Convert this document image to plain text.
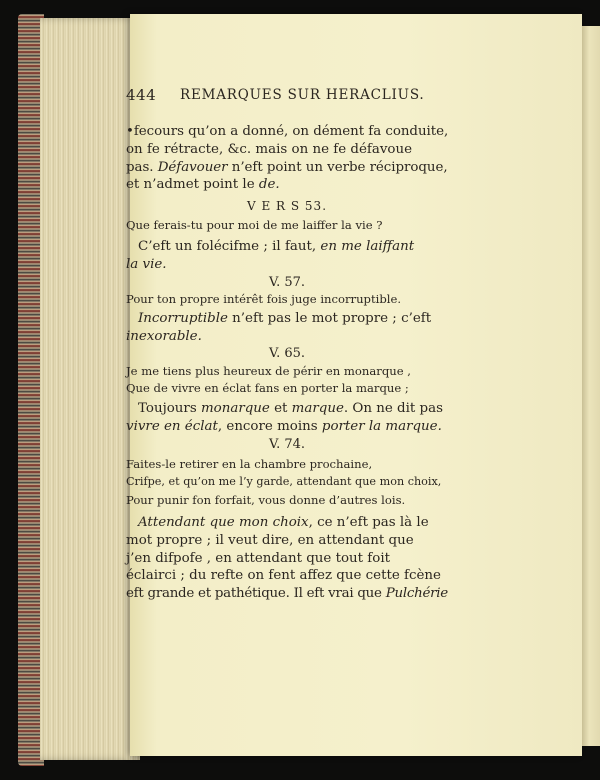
444 REMARQUES SUR HERACLIUS.
•fecours qu’on a donné, on dément fa conduite,
on fe rétracte, &c. mais on ne fe défavoue
pas. Défavouer n’eft point un verbe réciproque,
et n’admet point le de.
V E R S 53.
Que ferais-tu pour moi de me laiffer la vie ?
C’eft un folécifme ; il faut, en me laiffant
la vie.
V. 57.
Pour ton propre intérêt fois juge incorruptible.
Incorruptible n’eft pas le mot propre ; c’eft
inexorable.
V. 65.
Je me tiens plus heureux de périr en monarque ,
Que de vivre en éclat fans en porter la marque ;
Toujours monarque et marque. On ne dit pas
vivre en éclat, encore moins porter la marque.
V. 74.
Faites-le retirer en la chambre prochaine,
Crifpe, et qu’on me l’y garde, attendant que mon choix,
Pour punir fon forfait, vous donne d’autres lois.
Attendant que mon choix, ce n’eft pas là le
mot propre ; il veut dire, en attendant que
j’en difpofe , en attendant que tout foit
éclairci ; du refte on fent affez que cette fcène
eft grande et pathétique. Il eft vrai que Pulchérie
